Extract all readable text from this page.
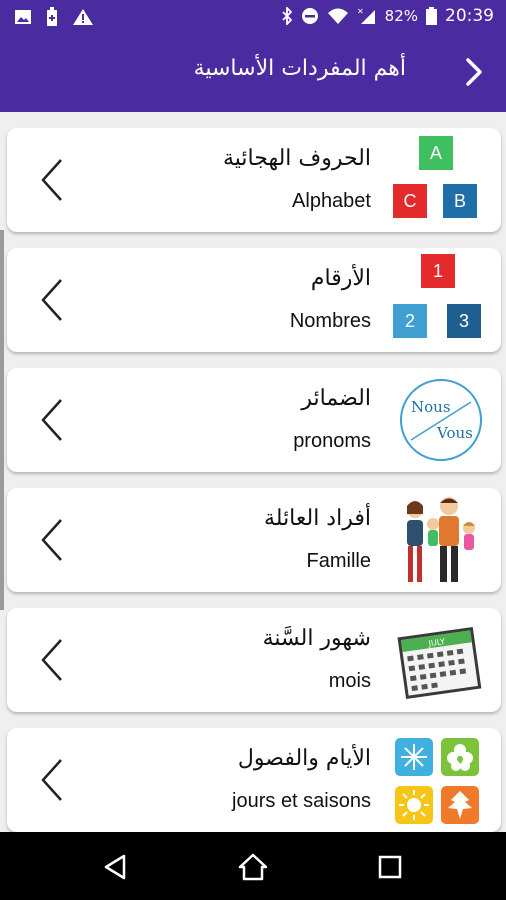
✕ 82% 20:39
أهم المفردات الأساسية
الحروف الهجائية
Alphabet
A
C	B
الأرقام
Nombres
1
2	3
الضمائر
pronoms
Nous
Vous
أفراد العائلة
Famille
شهور السَّنة
mois
JULY
الأيام والفصول
jours et saisons
